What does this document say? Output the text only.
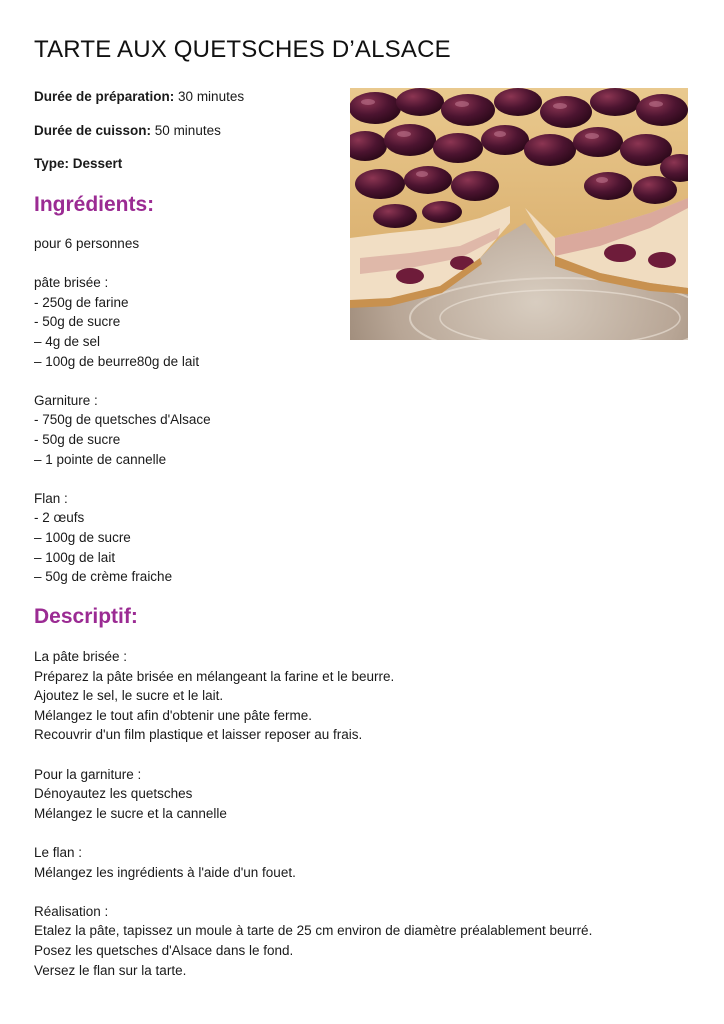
TARTE AUX QUETSCHES D’ALSACE

Durée de préparation: 30 minutes

Durée de cuisson: 50 minutes

Type: Dessert

Ingrédients:
pour 6 personnes
pâte brisée :
- 250g de farine
- 50g de sucre
– 4g de sel
– 100g de beurre80g de lait
Garniture :
- 750g de quetsches d'Alsace
- 50g de sucre
– 1 pointe de cannelle
Flan :
- 2 œufs
– 100g de sucre
– 100g de lait
– 50g de crème fraiche
Descriptif:
La pâte brisée :
Préparez la pâte brisée en mélangeant la farine et le beurre.
Ajoutez le sel, le sucre et le lait.
Mélangez le tout afin d'obtenir une pâte ferme.
Recouvrir d'un film plastique et laisser reposer au frais.
Pour la garniture :
Dénoyautez les quetsches
Mélangez le sucre et la cannelle
Le flan :
Mélangez les ingrédients à l'aide d'un fouet.
Réalisation :
Etalez la pâte, tapissez un moule à tarte de 25 cm environ de diamètre préalablement beurré.
Posez les quetsches d'Alsace dans le fond.
Versez le flan sur la tarte.
